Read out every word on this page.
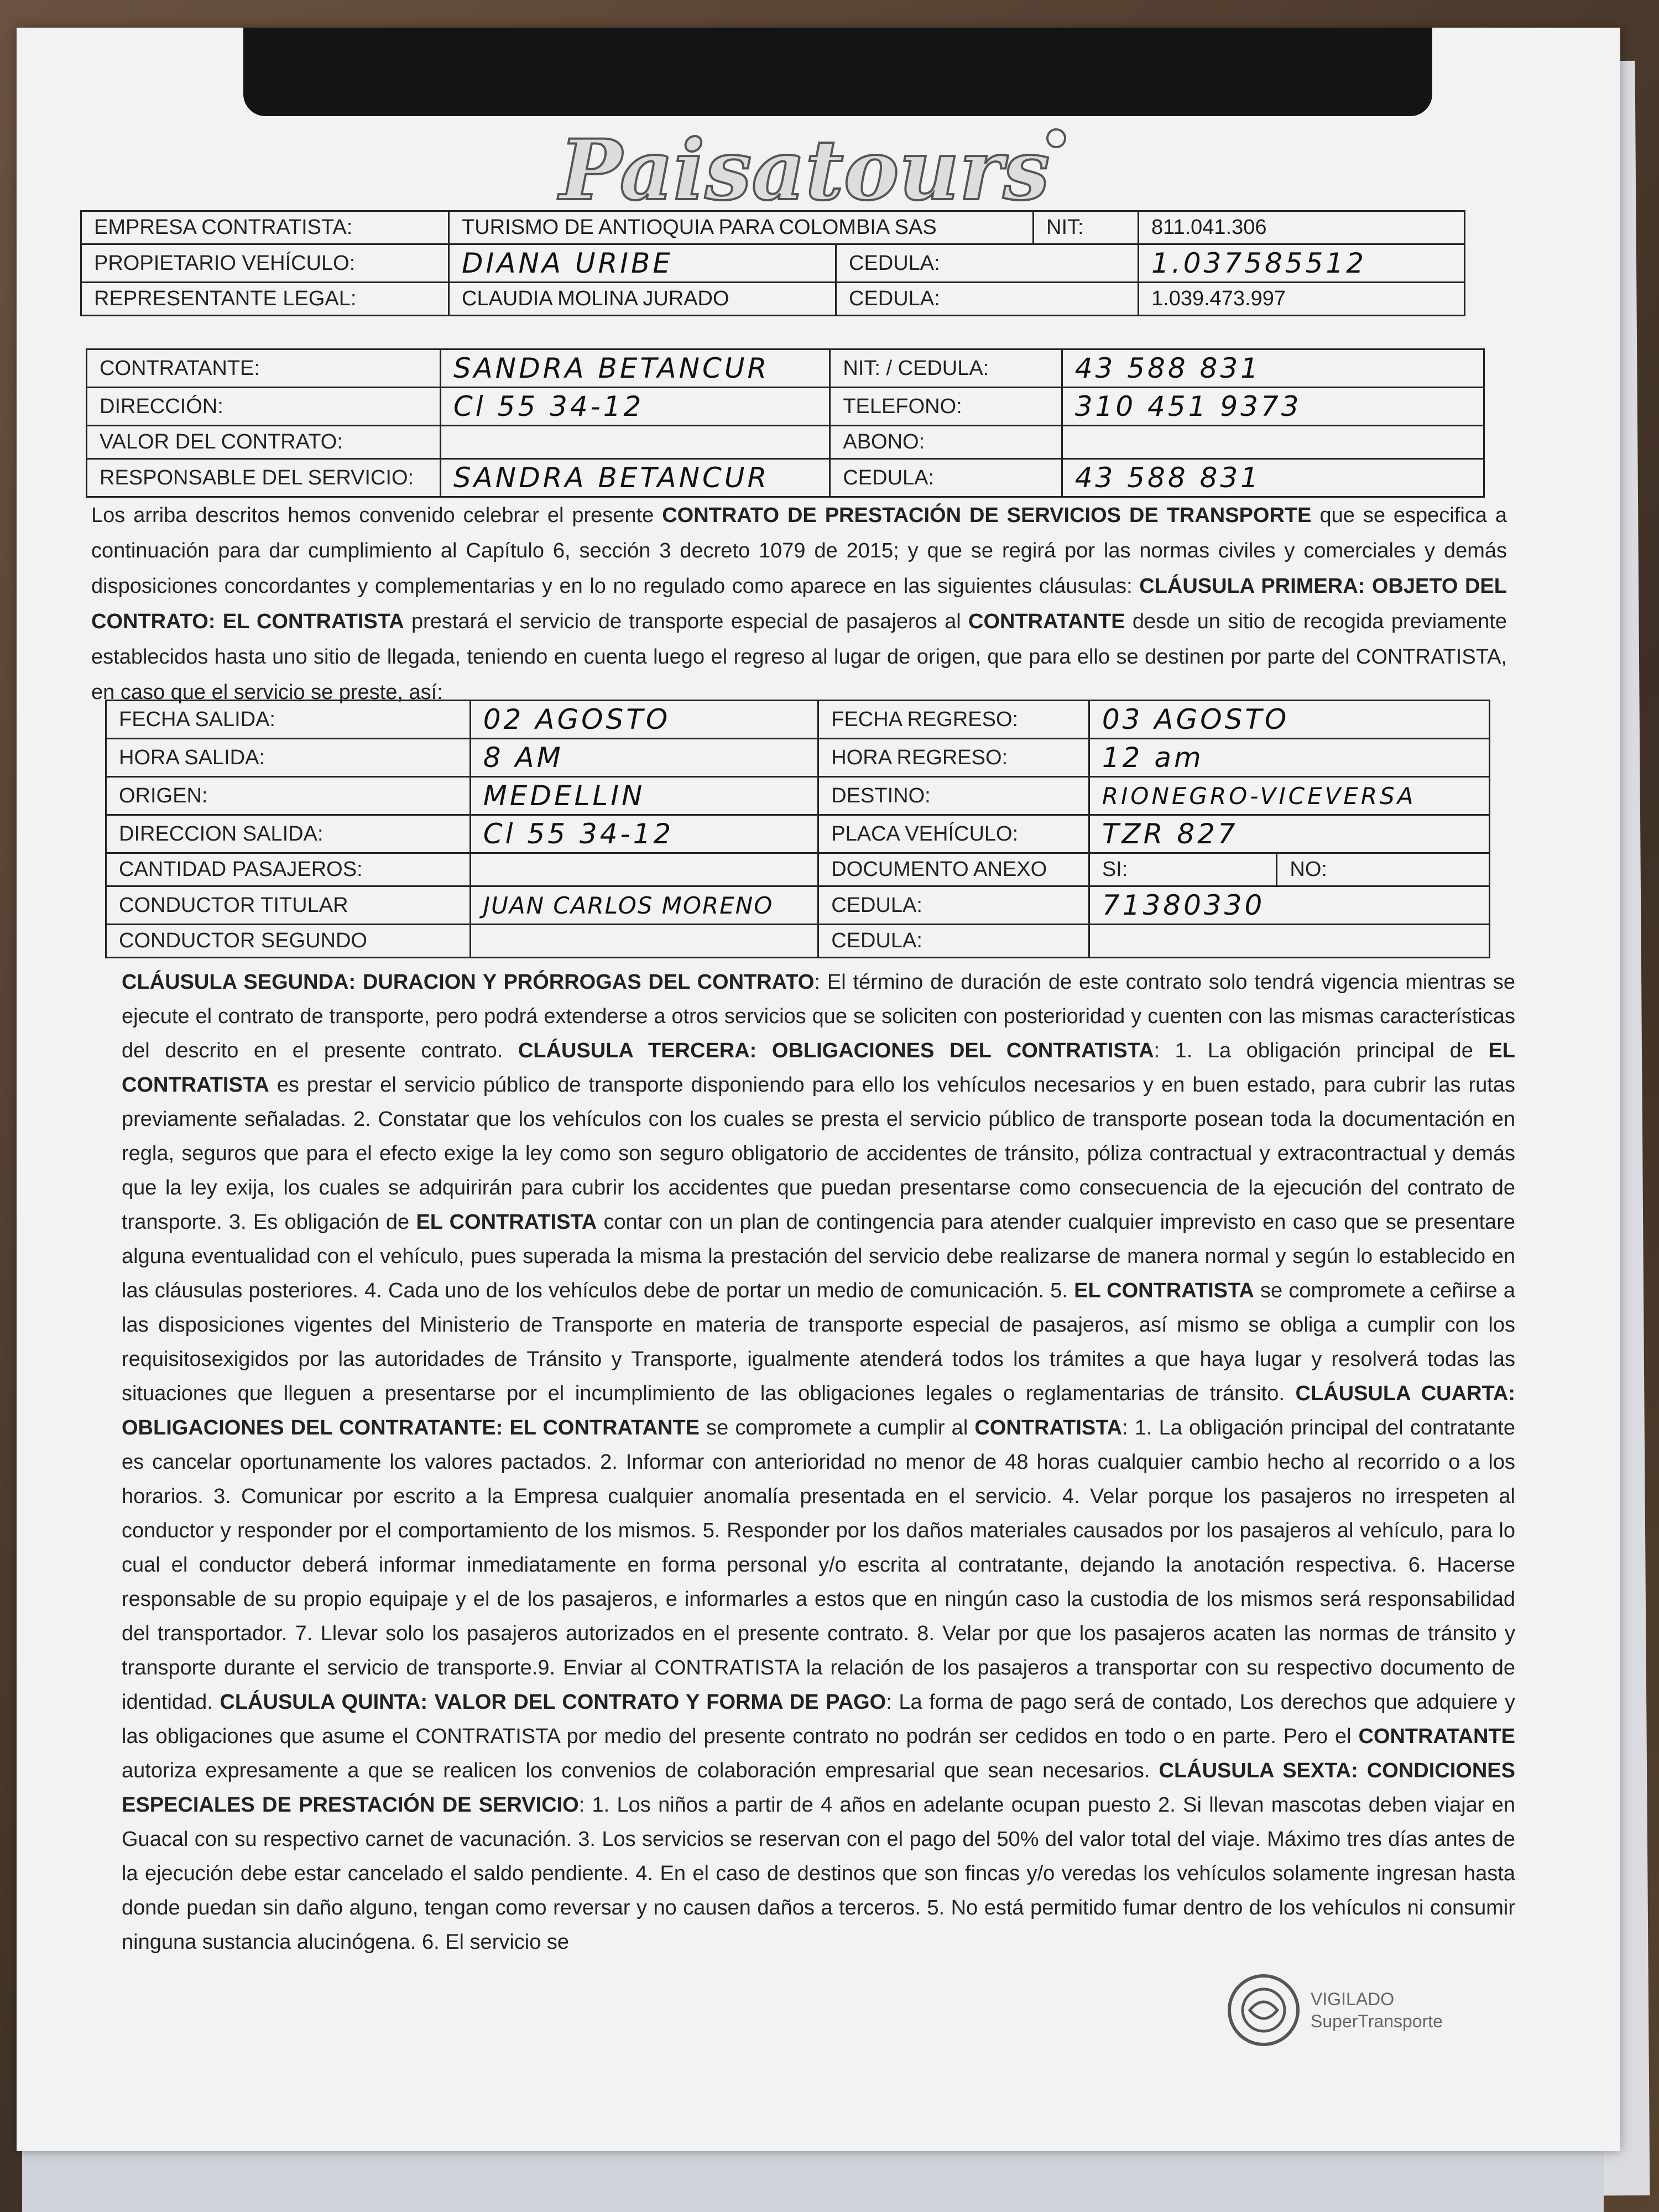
Paisatours
EMPRESA CONTRATISTA:	TURISMO DE ANTIOQUIA PARA COLOMBIA SAS		NIT:	811.041.306
PROPIETARIO VEHÍCULO:	DIANA URIBE	CEDULA:		1.037585512
REPRESENTANTE LEGAL:	CLAUDIA MOLINA JURADO	CEDULA:		1.039.473.997
CONTRATANTE:	SANDRA BETANCUR	NIT: / CEDULA:	43 588 831
DIRECCIÓN:	Cl 55 34-12	TELEFONO:	310 451 9373
VALOR DEL CONTRATO:		ABONO:	
RESPONSABLE DEL SERVICIO:	SANDRA BETANCUR	CEDULA:	43 588 831
Los arriba descritos hemos convenido celebrar el presente CONTRATO DE PRESTACIÓN DE SERVICIOS DE TRANSPORTE que se especifica a continuación para dar cumplimiento al Capítulo 6, sección 3 decreto 1079 de 2015; y que se regirá por las normas civiles y comerciales y demás disposiciones concordantes y complementarias y en lo no regulado como aparece en las siguientes cláusulas: CLÁUSULA PRIMERA: OBJETO DEL CONTRATO: EL CONTRATISTA prestará el servicio de transporte especial de pasajeros al CONTRATANTE desde un sitio de recogida previamente establecidos hasta uno sitio de llegada, teniendo en cuenta luego el regreso al lugar de origen, que para ello se destinen por parte del CONTRATISTA, en caso que el servicio se preste, así:
FECHA SALIDA:	02 AGOSTO	FECHA REGRESO:	03 AGOSTO	
HORA SALIDA:	8 AM	HORA REGRESO:	12 am	
ORIGEN:	MEDELLIN	DESTINO:	RIONEGRO-VICEVERSA	
DIRECCION SALIDA:	Cl 55 34-12	PLACA VEHÍCULO:	TZR 827	
CANTIDAD PASAJEROS:		DOCUMENTO ANEXO	SI:	NO:
CONDUCTOR TITULAR	JUAN CARLOS MORENO	CEDULA:	71380330	
CONDUCTOR SEGUNDO		CEDULA:		
CLÁUSULA SEGUNDA: DURACION Y PRÓRROGAS DEL CONTRATO: El término de duración de este contrato solo tendrá vigencia mientras se ejecute el contrato de transporte, pero podrá extenderse a otros servicios que se soliciten con posterioridad y cuenten con las mismas características del descrito en el presente contrato. CLÁUSULA TERCERA: OBLIGACIONES DEL CONTRATISTA: 1. La obligación principal de EL CONTRATISTA es prestar el servicio público de transporte disponiendo para ello los vehículos necesarios y en buen estado, para cubrir las rutas previamente señaladas. 2. Constatar que los vehículos con los cuales se presta el servicio público de transporte posean toda la documentación en regla, seguros que para el efecto exige la ley como son seguro obligatorio de accidentes de tránsito, póliza contractual y extracontractual y demás que la ley exija, los cuales se adquirirán para cubrir los accidentes que puedan presentarse como consecuencia de la ejecución del contrato de transporte. 3. Es obligación de EL CONTRATISTA contar con un plan de contingencia para atender cualquier imprevisto en caso que se presentare alguna eventualidad con el vehículo, pues superada la misma la prestación del servicio debe realizarse de manera normal y según lo establecido en las cláusulas posteriores. 4. Cada uno de los vehículos debe de portar un medio de comunicación. 5. EL CONTRATISTA se compromete a ceñirse a las disposiciones vigentes del Ministerio de Transporte en materia de transporte especial de pasajeros, así mismo se obliga a cumplir con los requisitosexigidos por las autoridades de Tránsito y Transporte, igualmente atenderá todos los trámites a que haya lugar y resolverá todas las situaciones que lleguen a presentarse por el incumplimiento de las obligaciones legales o reglamentarias de tránsito. CLÁUSULA CUARTA: OBLIGACIONES DEL CONTRATANTE: EL CONTRATANTE se compromete a cumplir al CONTRATISTA: 1. La obligación principal del contratante es cancelar oportunamente los valores pactados. 2. Informar con anterioridad no menor de 48 horas cualquier cambio hecho al recorrido o a los horarios. 3. Comunicar por escrito a la Empresa cualquier anomalía presentada en el servicio. 4. Velar porque los pasajeros no irrespeten al conductor y responder por el comportamiento de los mismos. 5. Responder por los daños materiales causados por los pasajeros al vehículo, para lo cual el conductor deberá informar inmediatamente en forma personal y/o escrita al contratante, dejando la anotación respectiva. 6. Hacerse responsable de su propio equipaje y el de los pasajeros, e informarles a estos que en ningún caso la custodia de los mismos será responsabilidad del transportador. 7. Llevar solo los pasajeros autorizados en el presente contrato. 8. Velar por que los pasajeros acaten las normas de tránsito y transporte durante el servicio de transporte.9. Enviar al CONTRATISTA la relación de los pasajeros a transportar con su respectivo documento de identidad. CLÁUSULA QUINTA: VALOR DEL CONTRATO Y FORMA DE PAGO: La forma de pago será de contado, Los derechos que adquiere y las obligaciones que asume el CONTRATISTA por medio del presente contrato no podrán ser cedidos en todo o en parte. Pero el CONTRATANTE autoriza expresamente a que se realicen los convenios de colaboración empresarial que sean necesarios. CLÁUSULA SEXTA: CONDICIONES ESPECIALES DE PRESTACIÓN DE SERVICIO: 1. Los niños a partir de 4 años en adelante ocupan puesto 2. Si llevan mascotas deben viajar en Guacal con su respectivo carnet de vacunación. 3. Los servicios se reservan con el pago del 50% del valor total del viaje. Máximo tres días antes de la ejecución debe estar cancelado el saldo pendiente. 4. En el caso de destinos que son fincas y/o veredas los vehículos solamente ingresan hasta donde puedan sin daño alguno, tengan como reversar y no causen daños a terceros. 5. No está permitido fumar dentro de los vehículos ni consumir ninguna sustancia alucinógena. 6. El servicio se
VIGILADO
SuperTransporte
